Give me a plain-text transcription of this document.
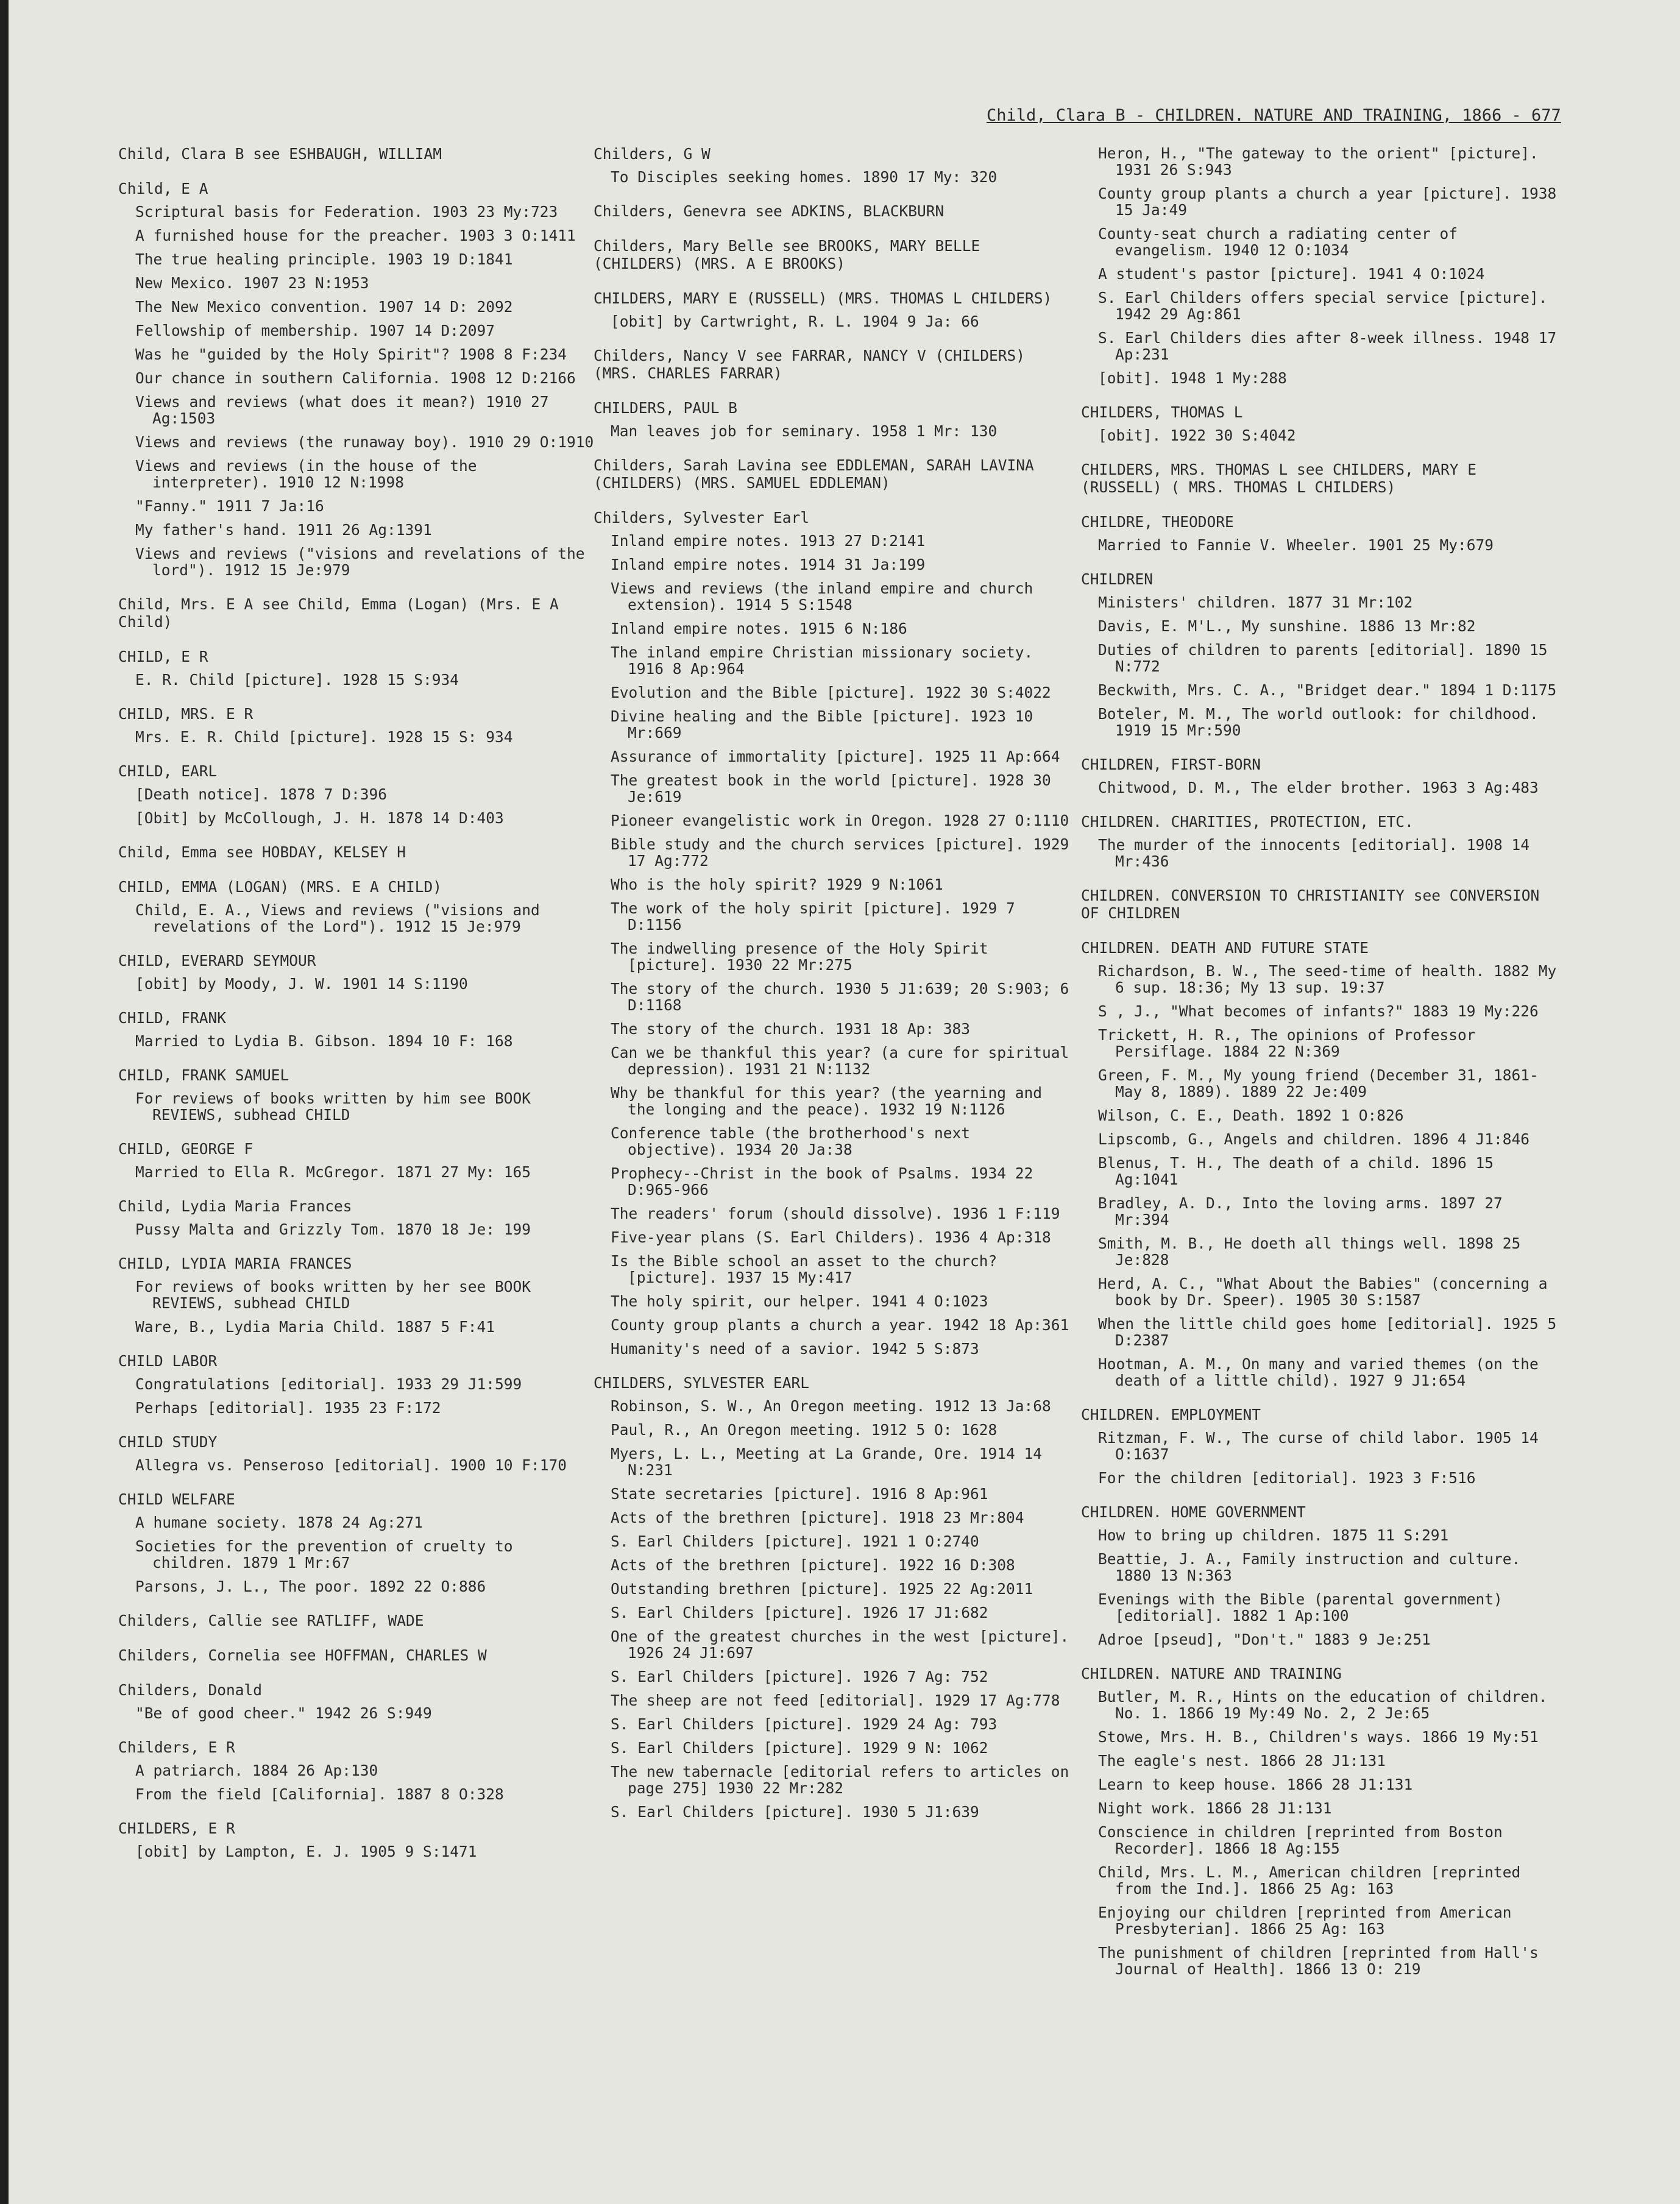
Child, Clara B - CHILDREN. NATURE AND TRAINING, 1866 - 677
Child, Clara B see ESHBAUGH, WILLIAM
Child, E A
Scriptural basis for Federation. 1903 23 My:723
A furnished house for the preacher. 1903 3 O:1411
The true healing principle. 1903 19 D:1841
New Mexico. 1907 23 N:1953
The New Mexico convention. 1907 14 D: 2092
Fellowship of membership. 1907 14 D:2097
Was he "guided by the Holy Spirit"? 1908 8 F:234
Our chance in southern California. 1908 12 D:2166
Views and reviews (what does it mean?) 1910 27 Ag:1503
Views and reviews (the runaway boy). 1910 29 O:1910
Views and reviews (in the house of the interpreter). 1910 12 N:1998
"Fanny." 1911 7 Ja:16
My father's hand. 1911 26 Ag:1391
Views and reviews ("visions and revelations of the lord"). 1912 15 Je:979
Child, Mrs. E A see Child, Emma (Logan) (Mrs. E A Child)
CHILD, E R
E. R. Child [picture]. 1928 15 S:934
CHILD, MRS. E R
Mrs. E. R. Child [picture]. 1928 15 S: 934
CHILD, EARL
[Death notice]. 1878 7 D:396
[Obit] by McCollough, J. H. 1878 14 D:403
Child, Emma see HOBDAY, KELSEY H
CHILD, EMMA (LOGAN) (MRS. E A CHILD)
Child, E. A., Views and reviews ("visions and revelations of the Lord"). 1912 15 Je:979
CHILD, EVERARD SEYMOUR
[obit] by Moody, J. W. 1901 14 S:1190
CHILD, FRANK
Married to Lydia B. Gibson. 1894 10 F: 168
CHILD, FRANK SAMUEL
For reviews of books written by him see BOOK REVIEWS, subhead CHILD
CHILD, GEORGE F
Married to Ella R. McGregor. 1871 27 My: 165
Child, Lydia Maria Frances
Pussy Malta and Grizzly Tom. 1870 18 Je: 199
CHILD, LYDIA MARIA FRANCES
For reviews of books written by her see BOOK REVIEWS, subhead CHILD
Ware, B., Lydia Maria Child. 1887 5 F:41
CHILD LABOR
Congratulations [editorial]. 1933 29 J1:599
Perhaps [editorial]. 1935 23 F:172
CHILD STUDY
Allegra vs. Penseroso [editorial]. 1900 10 F:170
CHILD WELFARE
A humane society. 1878 24 Ag:271
Societies for the prevention of cruelty to children. 1879 1 Mr:67
Parsons, J. L., The poor. 1892 22 O:886
Childers, Callie see RATLIFF, WADE
Childers, Cornelia see HOFFMAN, CHARLES W
Childers, Donald
"Be of good cheer." 1942 26 S:949
Childers, E R
A patriarch. 1884 26 Ap:130
From the field [California]. 1887 8 O:328
CHILDERS, E R
[obit] by Lampton, E. J. 1905 9 S:1471
Childers, G W
To Disciples seeking homes. 1890 17 My: 320
Childers, Genevra see ADKINS, BLACKBURN
Childers, Mary Belle see BROOKS, MARY BELLE (CHILDERS) (MRS. A E BROOKS)
CHILDERS, MARY E (RUSSELL) (MRS. THOMAS L CHILDERS)
[obit] by Cartwright, R. L. 1904 9 Ja: 66
Childers, Nancy V see FARRAR, NANCY V (CHILDERS) (MRS. CHARLES FARRAR)
CHILDERS, PAUL B
Man leaves job for seminary. 1958 1 Mr: 130
Childers, Sarah Lavina see EDDLEMAN, SARAH LAVINA (CHILDERS) (MRS. SAMUEL EDDLEMAN)
Childers, Sylvester Earl
Inland empire notes. 1913 27 D:2141
Inland empire notes. 1914 31 Ja:199
Views and reviews (the inland empire and church extension). 1914 5 S:1548
Inland empire notes. 1915 6 N:186
The inland empire Christian missionary society. 1916 8 Ap:964
Evolution and the Bible [picture]. 1922 30 S:4022
Divine healing and the Bible [picture]. 1923 10 Mr:669
Assurance of immortality [picture]. 1925 11 Ap:664
The greatest book in the world [picture]. 1928 30 Je:619
Pioneer evangelistic work in Oregon. 1928 27 O:1110
Bible study and the church services [picture]. 1929 17 Ag:772
Who is the holy spirit? 1929 9 N:1061
The work of the holy spirit [picture]. 1929 7 D:1156
The indwelling presence of the Holy Spirit [picture]. 1930 22 Mr:275
The story of the church. 1930 5 J1:639; 20 S:903; 6 D:1168
The story of the church. 1931 18 Ap: 383
Can we be thankful this year? (a cure for spiritual depression). 1931 21 N:1132
Why be thankful for this year? (the yearning and the longing and the peace). 1932 19 N:1126
Conference table (the brotherhood's next objective). 1934 20 Ja:38
Prophecy--Christ in the book of Psalms. 1934 22 D:965-966
The readers' forum (should dissolve). 1936 1 F:119
Five-year plans (S. Earl Childers). 1936 4 Ap:318
Is the Bible school an asset to the church? [picture]. 1937 15 My:417
The holy spirit, our helper. 1941 4 O:1023
County group plants a church a year. 1942 18 Ap:361
Humanity's need of a savior. 1942 5 S:873
CHILDERS, SYLVESTER EARL
Robinson, S. W., An Oregon meeting. 1912 13 Ja:68
Paul, R., An Oregon meeting. 1912 5 O: 1628
Myers, L. L., Meeting at La Grande, Ore. 1914 14 N:231
State secretaries [picture]. 1916 8 Ap:961
Acts of the brethren [picture]. 1918 23 Mr:804
S. Earl Childers [picture]. 1921 1 O:2740
Acts of the brethren [picture]. 1922 16 D:308
Outstanding brethren [picture]. 1925 22 Ag:2011
S. Earl Childers [picture]. 1926 17 J1:682
One of the greatest churches in the west [picture]. 1926 24 J1:697
S. Earl Childers [picture]. 1926 7 Ag: 752
The sheep are not feed [editorial]. 1929 17 Ag:778
S. Earl Childers [picture]. 1929 24 Ag: 793
S. Earl Childers [picture]. 1929 9 N: 1062
The new tabernacle [editorial refers to articles on page 275] 1930 22 Mr:282
S. Earl Childers [picture]. 1930 5 J1:639
Heron, H., "The gateway to the orient" [picture]. 1931 26 S:943
County group plants a church a year [picture]. 1938 15 Ja:49
County-seat church a radiating center of evangelism. 1940 12 O:1034
A student's pastor [picture]. 1941 4 O:1024
S. Earl Childers offers special service [picture]. 1942 29 Ag:861
S. Earl Childers dies after 8-week illness. 1948 17 Ap:231
[obit]. 1948 1 My:288
CHILDERS, THOMAS L
[obit]. 1922 30 S:4042
CHILDERS, MRS. THOMAS L see CHILDERS, MARY E (RUSSELL) ( MRS. THOMAS L CHILDERS)
CHILDRE, THEODORE
Married to Fannie V. Wheeler. 1901 25 My:679
CHILDREN
Ministers' children. 1877 31 Mr:102
Davis, E. M'L., My sunshine. 1886 13 Mr:82
Duties of children to parents [editorial]. 1890 15 N:772
Beckwith, Mrs. C. A., "Bridget dear." 1894 1 D:1175
Boteler, M. M., The world outlook: for childhood. 1919 15 Mr:590
CHILDREN, FIRST-BORN
Chitwood, D. M., The elder brother. 1963 3 Ag:483
CHILDREN. CHARITIES, PROTECTION, ETC.
The murder of the innocents [editorial]. 1908 14 Mr:436
CHILDREN. CONVERSION TO CHRISTIANITY see CONVERSION OF CHILDREN
CHILDREN. DEATH AND FUTURE STATE
Richardson, B. W., The seed-time of health. 1882 My 6 sup. 18:36; My 13 sup. 19:37
S , J., "What becomes of infants?" 1883 19 My:226
Trickett, H. R., The opinions of Professor Persiflage. 1884 22 N:369
Green, F. M., My young friend (December 31, 1861-May 8, 1889). 1889 22 Je:409
Wilson, C. E., Death. 1892 1 O:826
Lipscomb, G., Angels and children. 1896 4 J1:846
Blenus, T. H., The death of a child. 1896 15 Ag:1041
Bradley, A. D., Into the loving arms. 1897 27 Mr:394
Smith, M. B., He doeth all things well. 1898 25 Je:828
Herd, A. C., "What About the Babies" (concerning a book by Dr. Speer). 1905 30 S:1587
When the little child goes home [editorial]. 1925 5 D:2387
Hootman, A. M., On many and varied themes (on the death of a little child). 1927 9 J1:654
CHILDREN. EMPLOYMENT
Ritzman, F. W., The curse of child labor. 1905 14 O:1637
For the children [editorial]. 1923 3 F:516
CHILDREN. HOME GOVERNMENT
How to bring up children. 1875 11 S:291
Beattie, J. A., Family instruction and culture. 1880 13 N:363
Evenings with the Bible (parental government) [editorial]. 1882 1 Ap:100
Adroe [pseud], "Don't." 1883 9 Je:251
CHILDREN. NATURE AND TRAINING
Butler, M. R., Hints on the education of children. No. 1. 1866 19 My:49 No. 2, 2 Je:65
Stowe, Mrs. H. B., Children's ways. 1866 19 My:51
The eagle's nest. 1866 28 J1:131
Learn to keep house. 1866 28 J1:131
Night work. 1866 28 J1:131
Conscience in children [reprinted from Boston Recorder]. 1866 18 Ag:155
Child, Mrs. L. M., American children [reprinted from the Ind.]. 1866 25 Ag: 163
Enjoying our children [reprinted from American Presbyterian]. 1866 25 Ag: 163
The punishment of children [reprinted from Hall's Journal of Health]. 1866 13 O: 219
